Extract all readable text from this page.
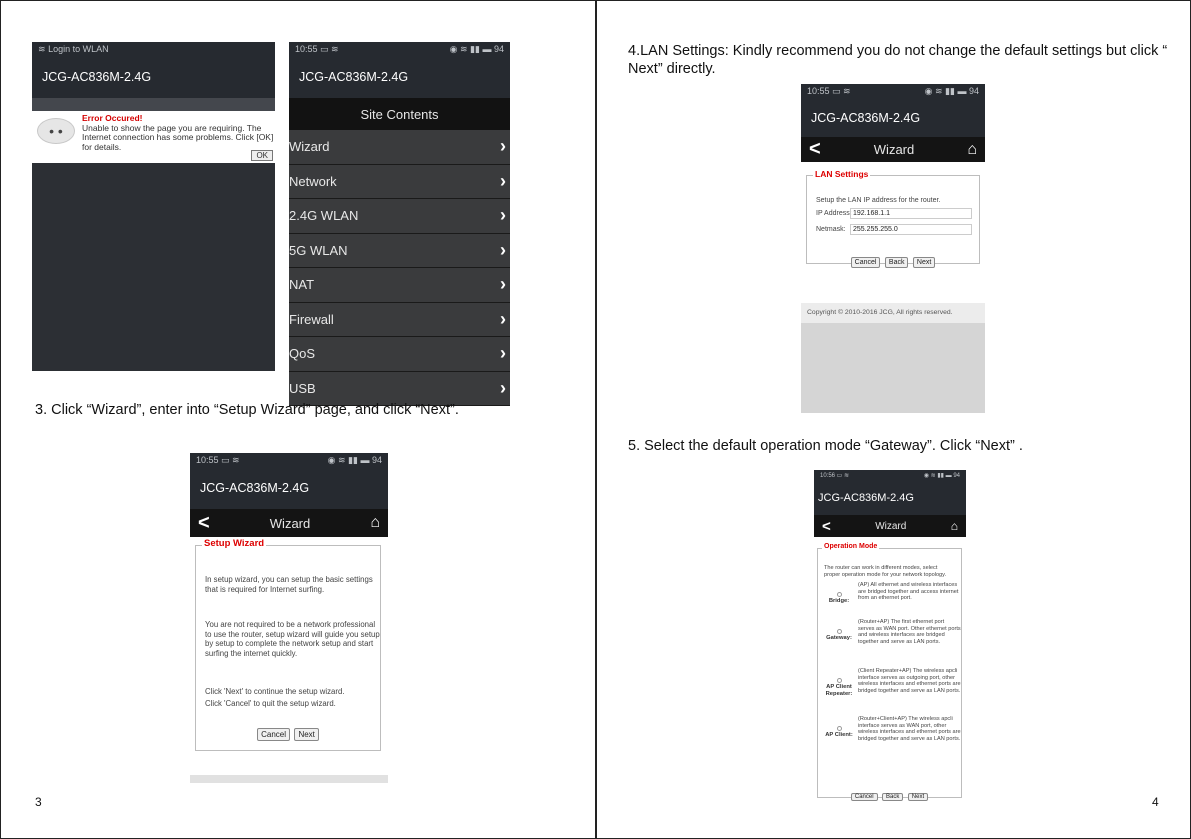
≋ Login to WLAN
JCG-AC836M-2.4G
• •
Error Occured!
Unable to show the page you are requiring. The Internet connection has some problems. Click [OK] for details.
OK
10:55 ▭ ≋	◉ ≋ ▮▮ ▬ 94
JCG-AC836M-2.4G
Site Contents
Wizard	›
Network	›
2.4G WLAN	›
5G WLAN	›
NAT	›
Firewall	›
QoS	›
USB	›
3. Click “Wizard”, enter into “Setup Wizard” page, and click “Next”.
10:55 ▭ ≋	◉ ≋ ▮▮ ▬ 94
JCG-AC836M-2.4G
<	Wizard	⌂
Setup Wizard
In setup wizard, you can setup the basic settings that is required for Internet surfing.
You are not required to be a network professional to use the router, setup wizard will guide you setup by setup to complete the network setup and start surfing the internet quickly.
Click 'Next' to continue the setup wizard.
Click 'Cancel' to quit the setup wizard.
Cancel Next
3
4.LAN Settings: Kindly recommend you do not change the default settings but click “ Next” directly.
10:55 ▭ ≋	◉ ≋ ▮▮ ▬ 94
JCG-AC836M-2.4G
<	Wizard	⌂
LAN Settings
Setup the LAN IP address for the router.
IP Address: 192.168.1.1
Netmask:	255.255.255.0
Cancel Back Next
Copyright © 2010-2016 JCG, All rights reserved.
5. Select the default operation mode “Gateway”. Click “Next” .
10:56 ▭ ≋	◉ ≋ ▮▮ ▬ 94
JCG-AC836M-2.4G
<	Wizard	⌂
Operation Mode
The router can work in different modes, select proper operation mode for your network topology.
Bridge:
(AP) All ethernet and wireless interfaces are bridged together and access internet from an ethernet port.
Gateway:
(Router+AP) The first ethernet port serves as WAN port. Other ethernet ports and wireless interfaces are bridged together and serve as LAN ports.
AP Client Repeater:
(Client Repeater+AP) The wireless apcli interface serves as outgoing port, other wireless interfaces and ethernet ports are bridged together and serve as LAN ports.
AP Client:
(Router+Client+AP) The wireless apcli interface serves as WAN port, other wireless interfaces and ethernet ports are bridged together and serve as LAN ports.
Cancel Back Next	4
